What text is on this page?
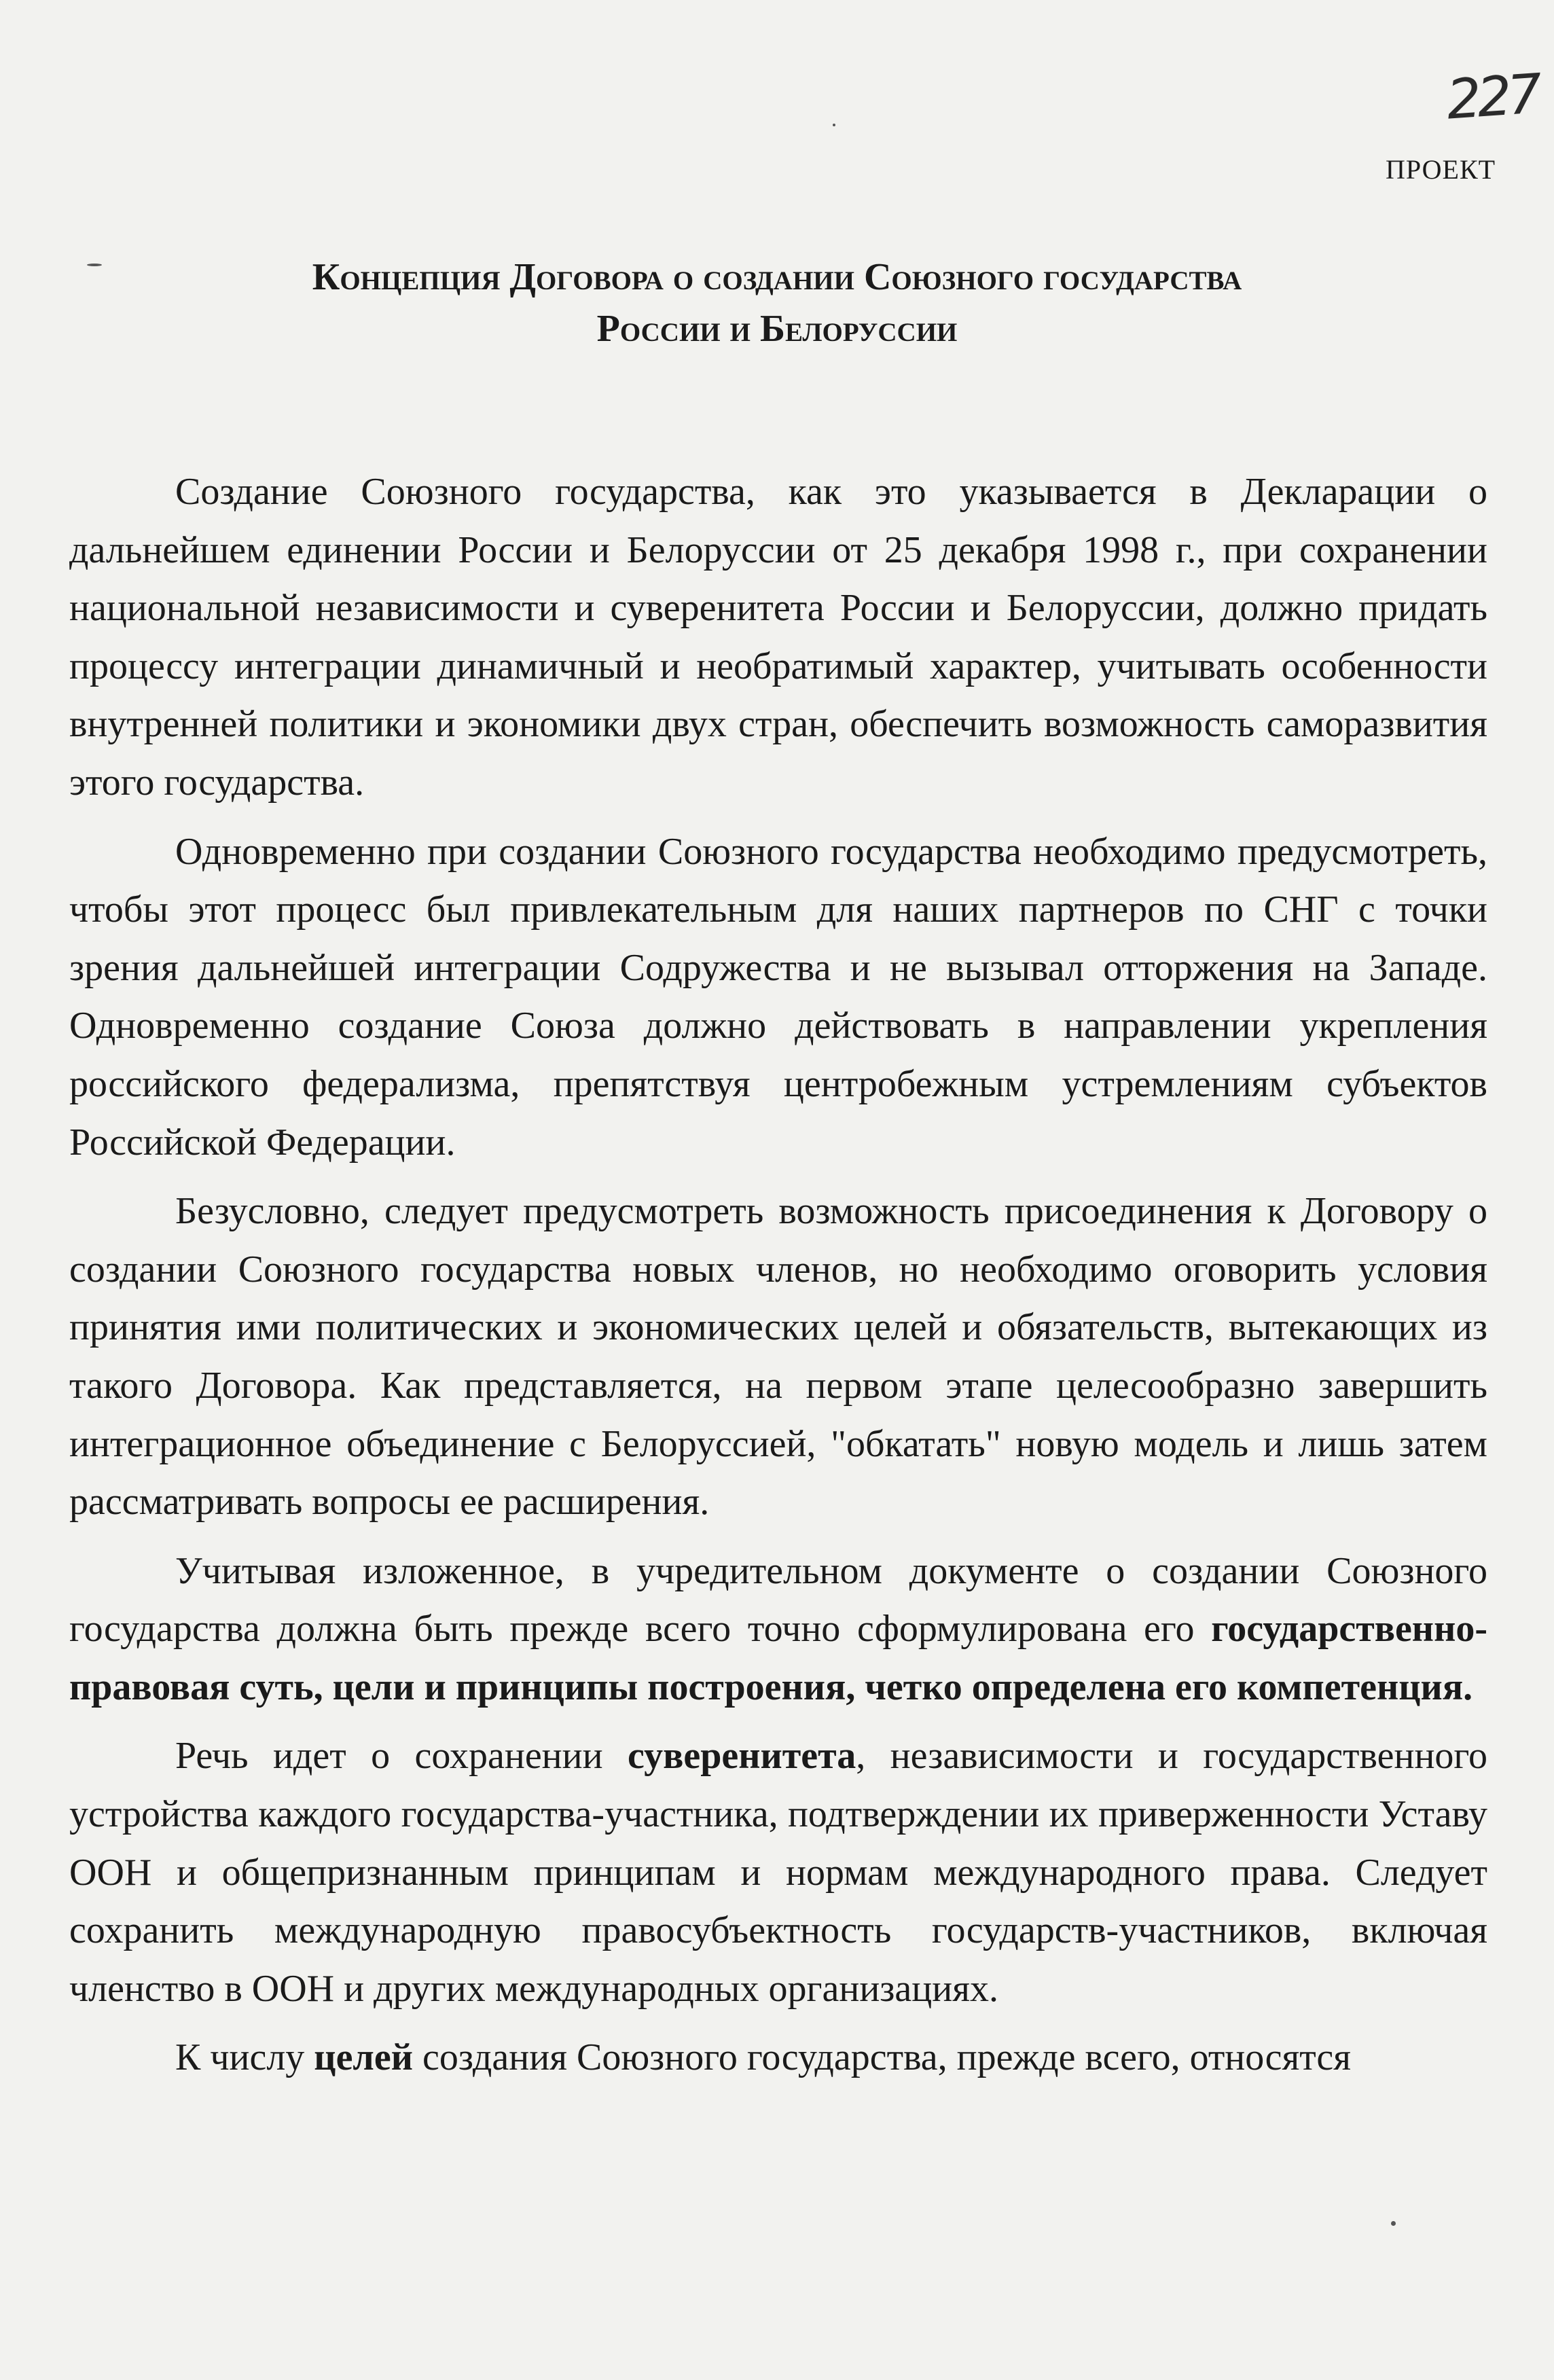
227
ПРОЕКТ
Концепция Договора о создании Союзного государства
России и Белоруссии

Создание Союзного государства, как это указывается в Декларации о дальнейшем единении России и Белоруссии от 25 декабря 1998 г., при сохранении национальной независимости и суверенитета России и Белоруссии, должно придать процессу интеграции динамичный и необратимый характер, учитывать особенности внутренней политики и экономики двух стран, обеспечить возможность саморазвития этого государства.

Одновременно при создании Союзного государства необходимо предусмотреть, чтобы этот процесс был привлекательным для наших партнеров по СНГ с точки зрения дальнейшей интеграции Содружества и не вызывал отторжения на Западе. Одновременно создание Союза должно действовать в направлении укрепления российского федерализма, препятствуя центробежным устремлениям субъектов Российской Федерации.

Безусловно, следует предусмотреть возможность присоединения к Договору о создании Союзного государства новых членов, но необходимо оговорить условия принятия ими политических и экономических целей и обязательств, вытекающих из такого Договора. Как представляется, на первом этапе целесообразно завершить интеграционное объединение с Белоруссией, "обкатать" новую модель и лишь затем рассматривать вопросы ее расширения.

Учитывая изложенное, в учредительном документе о создании Союзного государства должна быть прежде всего точно сформулирована его государственно-правовая суть, цели и принципы построения, четко определена его компетенция.

Речь идет о сохранении суверенитета, независимости и государственного устройства каждого государства-участника, подтверждении их приверженности Уставу ООН и общепризнанным принципам и нормам международного права. Следует сохранить международную правосубъектность государств-участников, включая членство в ООН и других международных организациях.

К числу целей создания Союзного государства, прежде всего, относятся
